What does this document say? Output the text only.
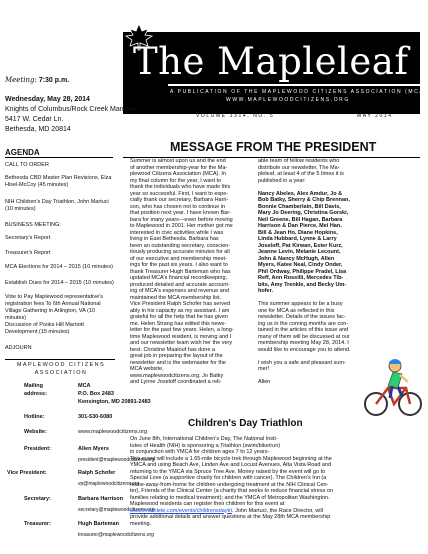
The Mapleleaf
A PUBLICATION OF THE MAPLEWOOD CITIZENS ASSOCIATION (MCA)
WWW.MAPLEWOODCITIZENS.ORG
VOLUME 1314, NO. 5	MAY 2014
Meeting: 7:30 p.m.
Wednesday, May 28, 2014
Knights of Columbus/Rock Creek Mansion
5417 W. Cedar Ln.
Bethesda, MD 20814
AGENDA
CALL TO ORDER
Bethesda CBD Master Plan Revisions, Elza Hisel-McCoy (45 minutes)
NIH Children's Day Triathlon, John Martuci (10 minutes)
BUSINESS MEETING:
Secretary's Report
Treasurer's Report
MCA Elections for 2014 – 2015 (10 minutes)
Establish Dues for 2014 – 2015 (10 minutes)
Vote to Pay Maplewood representative's registration fees To 6th Annual National Village Gathering in Arlington, VA (10 minutes)
Discussion of Pooks Hill Marriott Development (15 minutes)
ADJOURN
MAPLEWOOD CITIZENS
ASSOCIATION
Mailing
address:
MCA
P.O. Box 2483
Kensington, MD 20891-2483
Hotline:	301-530-6080
Website:	www.maplewoodcitizens.org
President:	Allen Myers
president@maplewoodcitizens.org
Vice President:	Ralph Schofer
vp@maplewoodcitizens.org
Secretary:	Barbara Harrison
secretary@maplewoodcitizens.org
Treasurer:	Hugh Barteman
treasurer@maplewoodcitizens.org
MESSAGE FROM THE PRESIDENT
Summer is almost upon us and the end
of another membership-year for the Ma-
plewood Citizens Association (MCA). In
my final column for the year, I want to
thank the individuals who have made this
year so successful. First, I want to espe-
cially thank our secretary, Barbara Harri-
son, who has chosen not to continue in
that position next year. I have known Bar-
bara for many years—even before moving
to Maplewood in 2001. Her mother got me
interested in civic activities while I was
living in East Bethesda. Barbara has
been an outstanding secretary, conscien-
tiously producing accurate minutes for all
of our executive and membership meet-
ings for the past six years. I also want to
thank Treasurer Hugh Barteman who has
updated MCA's financial recordkeeping,
produced detailed and accurate account-
ing of MCA's expenses and revenue and
maintained the MCA membership list.
Vice President Ralph Schofer has served
ably in his capacity as my assistant. I am
grateful for all the help that he has given
me. Helen Strang has edited this news-
letter for the past few years. Helen, a long-
time Maplewood resident, is moving and I
and our newsletter team wish her the very
best. Christine Maalouf has done a
great job in preparing the layout of the
newsletter and is the webmaster for the
MCA website,
www.maplewoodcitizens.org. Jo Batky
and Lynne Joseloff coordinated a reli-
able team of fellow residents who
distribute our newsletter, The Ma-
pleleaf, at least 4 of the 5 times it is
published in a year:

Nancy Abeles, Alex Amdur, Jo &
Bob Batky, Sherry & Chip Brennan,
Bonnie Chamberlain, Bill Davis,
Mary Jo Deering, Christina Gorski,
Neil Greene, Bill Hagan, Barbara
Harrison & Dan Pierce, Mei Han,
Bill & Jean Ho, Diane Hopkins,
Linda Hubbard, Lynne & Larry
Joseloff, Pat Kirwan, Ester Kurz,
Jeanne Levin, Melanie Lecount,
John & Nancy McHugh, Allen
Myers, Katee Neal, Cindy Onder,
Phil Ordway, Philippe Pradel, Lisa
Reff, Ann Rossilli, Mercedes Tib-
bits, Amy Trenkle, and Becky Um-
hofer.

This summer appears to be a busy
one for MCA as reflected in this
newsletter. Details of the issues fac-
ing us in the coming months are con-
tained in the articles of this issue and
many of them will be discussed at our
membership meeting May 28, 2014. I
would like to encourage you to attend.

I wish you a safe and pleasant sum-
mer!

Allen
Children's Day Triathlon
On June 8th, International Children's Day, The National Insti-
tutes of Health (NIH) is sponsoring a Triathlon (swim/bike/run)
in conjunction with YMCA for children ages 7 to 12 years-
This event will include a 1.65-mile bicycle trek through Maplewood beginning at the
YMCA and using Beach Ave, Linden Ave and Locust Avenues, Alta Vista Road and
returning to the YMCA via Spruce Tree Ave. Money raised by the event will go to
Special Love (a supportive charity for children with cancer). The Children's Inn (a
home-away-from-home for children undergoing treatment at the NIH Clinical Cen-
ter), Friends of the Clinical Center (a charity that seeks to reduce financial stress on
families relating to medical treatment); and the YMCA of Metropolitan Washington.
Maplewood residents can register their children for this event at
www.imathlete.com/events/childrensdaytri. John Martuci, the Race Director, will
provide additional details and answer questions at the May 28th MCA membership
meeting.
